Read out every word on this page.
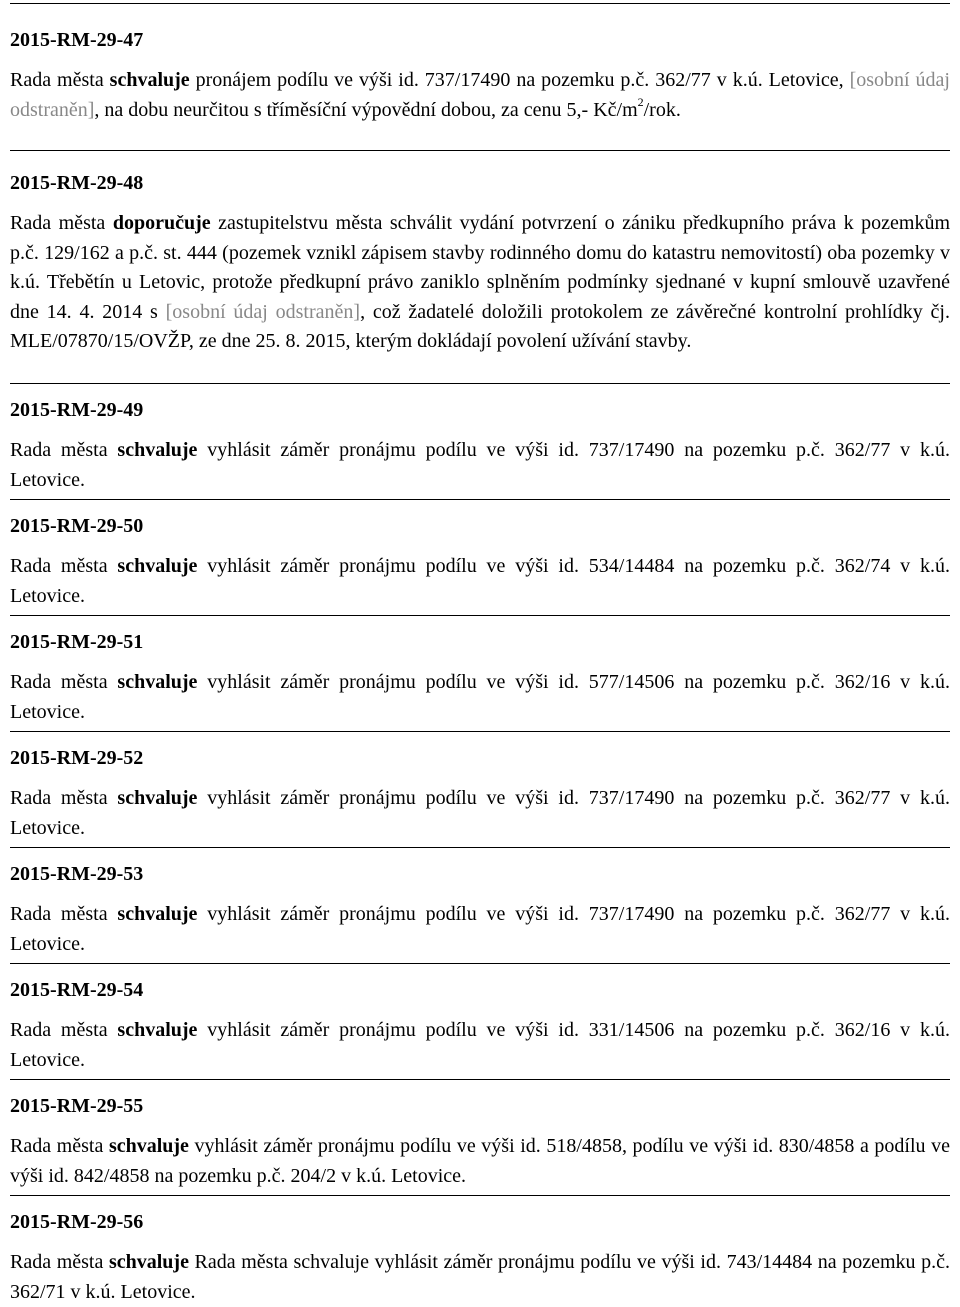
2015-RM-29-47

Rada města schvaluje pronájem podílu ve výši id. 737/17490 na pozemku p.č. 362/77 v k.ú. Letovice, [osobní údaj odstraněn], na dobu neurčitou s tříměsíční výpovědní dobou, za cenu 5,- $Kč/m^2$/rok.

2015-RM-29-48

Rada města doporučuje zastupitelstvu města schválit vydání potvrzení o zániku předkupního práva k pozemkům p.č. 129/162 a p.č. st. 444 (pozemek vznikl zápisem stavby rodinného domu do katastru nemovitostí) oba pozemky v k.ú. Třebětín u Letovic, protože předkupní právo zaniklo splněním podmínky sjednané v kupní smlouvě uzavřené dne 14. 4. 2014 s [osobní údaj odstraněn], což žadatelé doložili protokolem ze závěrečné kontrolní prohlídky čj. MLE/07870/15/OVŽP, ze dne 25. 8. 2015, kterým dokládají povolení užívání stavby.

2015-RM-29-49

Rada města schvaluje vyhlásit záměr pronájmu podílu ve výši id. 737/17490 na pozemku p.č. 362/77 v k.ú. Letovice.

2015-RM-29-50

Rada města schvaluje vyhlásit záměr pronájmu podílu ve výši id. 534/14484 na pozemku p.č. 362/74 v k.ú. Letovice.

2015-RM-29-51

Rada města schvaluje vyhlásit záměr pronájmu podílu ve výši id. 577/14506 na pozemku p.č. 362/16 v k.ú. Letovice.

2015-RM-29-52

Rada města schvaluje vyhlásit záměr pronájmu podílu ve výši id. 737/17490 na pozemku p.č. 362/77 v k.ú. Letovice.

2015-RM-29-53

Rada města schvaluje vyhlásit záměr pronájmu podílu ve výši id. 737/17490 na pozemku p.č. 362/77 v k.ú. Letovice.

2015-RM-29-54

Rada města schvaluje vyhlásit záměr pronájmu podílu ve výši id. 331/14506 na pozemku p.č. 362/16 v k.ú. Letovice.

2015-RM-29-55

Rada města schvaluje vyhlásit záměr pronájmu podílu ve výši id. 518/4858, podílu ve výši id. 830/4858 a podílu ve výši id. 842/4858 na pozemku p.č. 204/2 v k.ú. Letovice.

2015-RM-29-56

Rada města schvaluje Rada města schvaluje vyhlásit záměr pronájmu podílu ve výši id. 743/14484 na pozemku p.č. 362/71 v k.ú. Letovice.
